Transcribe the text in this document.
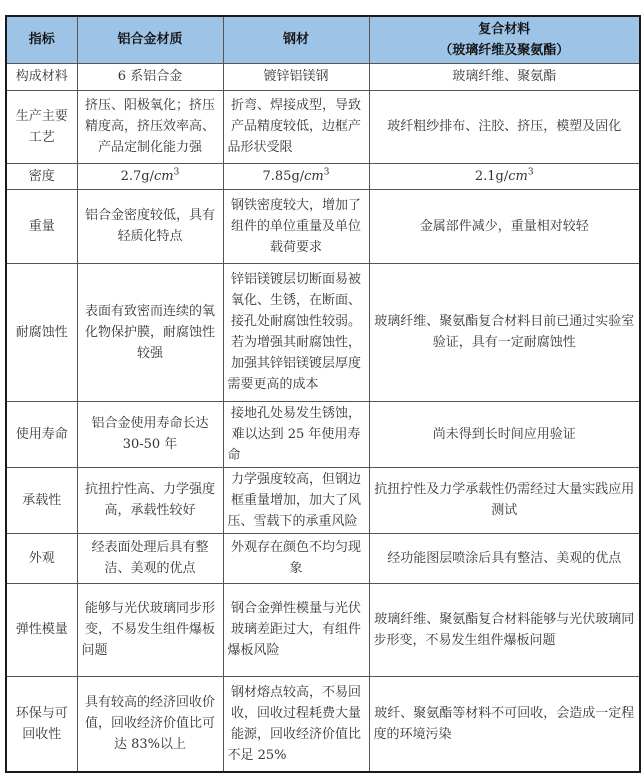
指标	铝合金材质	钢材	复合材料
（玻璃纤维及聚氨酯）

构成材料	6 系铝合金	镀锌铝镁钢	玻璃纤维、聚氨酯
生产主要工艺	挤压、阳极氧化；挤压精度高，挤压效率高、产品定制化能力强	折弯、焊接成型，导致产品精度较低，边框产品形状受限	玻纤粗纱排布、注胶、挤压，模塑及固化
密度	$2.7g/cm^3$	$7.85g/cm^3$	$2.1g/cm^3$
重量	铝合金密度较低，具有轻质化特点	钢铁密度较大，增加了组件的单位重量及单位载荷要求	金属部件减少，重量相对较轻
耐腐蚀性	表面有致密而连续的氧化物保护膜，耐腐蚀性较强	锌铝镁镀层切断面易被氧化、生锈，在断面、接孔处耐腐蚀性较弱。若为增强其耐腐蚀性，加强其锌铝镁镀层厚度需要更高的成本	玻璃纤维、聚氨酯复合材料目前已通过实验室验证，具有一定耐腐蚀性
使用寿命	铝合金使用寿命长达 30-50 年	接地孔处易发生锈蚀，难以达到 25 年使用寿命	尚未得到长时间应用验证
承载性	抗扭拧性高、力学强度高，承载性较好	力学强度较高，但钢边框重量增加，加大了风压、雪载下的承重风险	抗扭拧性及力学承载性仍需经过大量实践应用测试
外观	经表面处理后具有整洁、美观的优点	外观存在颜色不均匀现象	经功能图层喷涂后具有整洁、美观的优点
弹性模量	能够与光伏玻璃同步形变，不易发生组件爆板问题	钢合金弹性模量与光伏玻璃差距过大，有组件爆板风险	玻璃纤维、聚氨酯复合材料能够与光伏玻璃同步形变，不易发生组件爆板问题
环保与可回收性	具有较高的经济回收价值，回收经济价值比可达 83%以上	钢材熔点较高，不易回收，回收过程耗费大量能源，回收经济价值比不足 25%	玻纤、聚氨酯等材料不可回收，会造成一定程度的环境污染
